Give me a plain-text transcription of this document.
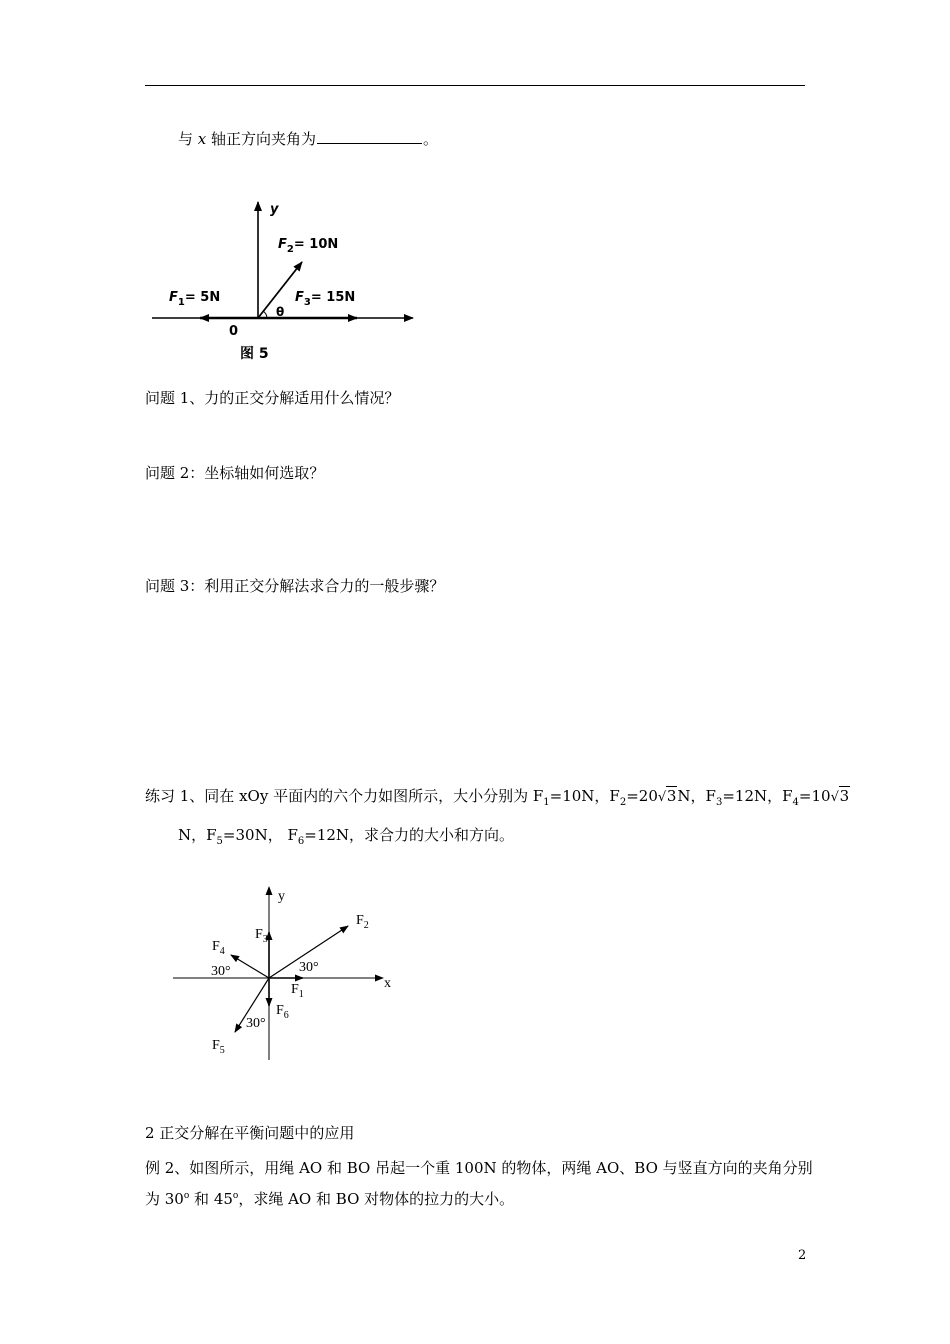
与 x 轴正方向夹角为	。
y
$F_2= 10N$
$F_1= 5N$	$F_3= 15N$
θ
0
图 5
问题 1、力的正交分解适用什么情况？
问题 2：坐标轴如何选取？
问题 3：利用正交分解法求合力的一般步骤？
练习 1、同在 xOy 平面内的六个力如图所示，大小分别为 $F_1=10N$，$F_2=20$ √ 3N，$F_3=12N$，$F_4=10$ √ 3
N，$F_5=30N$， $F_6=12N$，求合力的大小和方向。
y
x
$F_2$
$F_3$
$F_4$
30°	30°
$F_1$
$F_6$
30°
$F_5$
2 正交分解在平衡问题中的应用
例 2、如图所示，用绳 AO 和 BO 吊起一个重 100N 的物体，两绳 AO、BO 与竖直方向的夹角分别
为 30$^o$ 和 45$^o$，求绳 AO 和 BO 对物体的拉力的大小。
2
